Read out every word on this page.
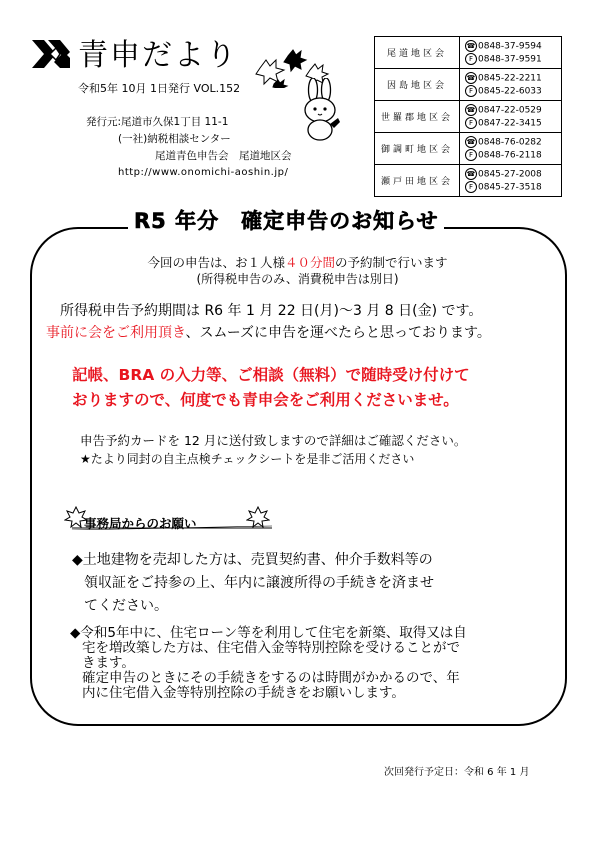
青申だより
令和5年 10月 1日発行 VOL.152
発行元:尾道市久保1丁目 11-1
(一社)納税相談センター
尾道青色申告会　尾道地区会
http://www.onomichi-aoshin.jp/
尾道地区会	☎ 0848-37-9594
F 0848-37-9591

因島地区会	☎ 0845-22-2211
F 0845-22-6033

世羅郡地区会	☎ 0847-22-0529
F 0847-22-3415

御調町地区会	☎ 0848-76-0282
F 0848-76-2118

瀬戸田地区会	☎ 0845-27-2008
F 0845-27-3518
R5 年分　確定申告のお知らせ
今回の申告は、お１人様４０分間の予約制で行います
(所得税申告のみ、消費税申告は別日)
所得税申告予約期間は R6 年 1 月 22 日(月)～3 月 8 日(金) です。
事前に会をご利用頂き、スムーズに申告を運べたらと思っております。
記帳、BRA の入力等、ご相談（無料）で随時受け付けて
おりますので、何度でも青申会をご利用くださいませ。
申告予約カードを 12 月に送付致しますので詳細はご確認ください。
★たより同封の自主点検チェックシートを是非ご活用ください
事務局からのお願い
◆土地建物を売却した方は、売買契約書、仲介手数料等の
領収証をご持参の上、年内に譲渡所得の手続きを済ませ
てください。
◆令和5年中に、住宅ローン等を利用して住宅を新築、取得又は自
宅を増改築した方は、住宅借入金等特別控除を受けることがで
きます。
確定申告のときにその手続きをするのは時間がかかるので、年
内に住宅借入金等特別控除の手続きをお願いします。
次回発行予定日：令和 6 年 1 月
